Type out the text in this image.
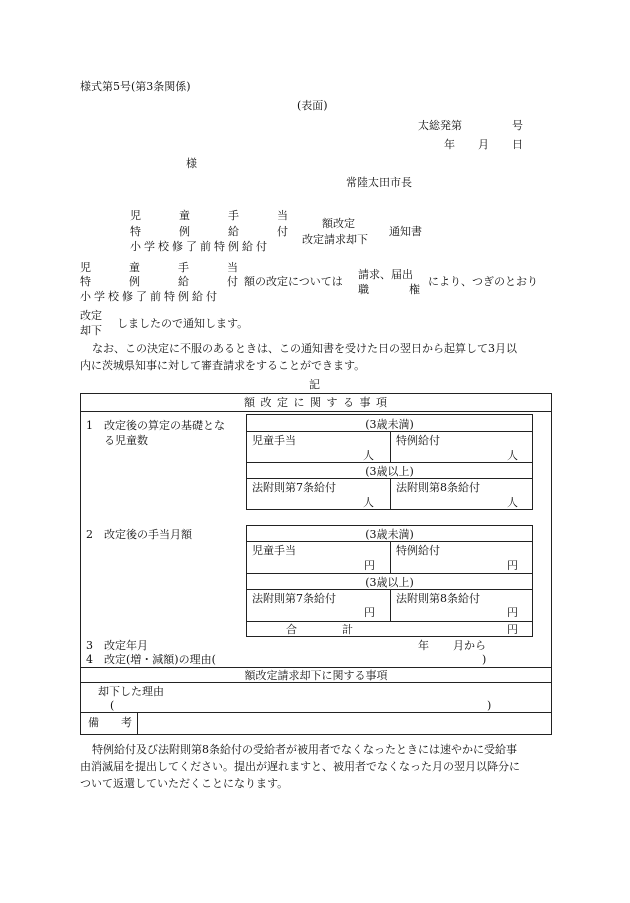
様式第5号(第3条関係)
(表面)
太総発第	号
年 月 日
様
常陸太田市長
児	童	手	当
特	例	給	付
小学校修了前特例給付
額改定
改定請求却下
通知書
児	童	手	当
特	例	給	付
小学校修了前特例給付
額の改定については
請求、届出
職	権
により、つぎのとおり
改定
却下
しましたので通知します。
なお、この決定に不服のあるときは、この通知書を受けた日の翌日から起算して3月以
内に茨城県知事に対して審査請求をすることができます。
記
額 改 定 に 関 す る 事 項
1　改定後の算定の基礎とな
る児童数
(3歳未満)
児童手当	特例給付
人	人
(3歳以上)
法附則第7条給付	法附則第8条給付
人	人
2　改定後の手当月額	(3歳未満)
児童手当	特例給付
円	円
(3歳以上)
法附則第7条給付	法附則第8条給付
円	円
合	計	円
3　改定年月	年 月から
4　改定(増・減額)の理由(	)
額改定請求却下に関する事項
却下した理由
(	)
備　　考
特例給付及び法附則第8条給付の受給者が被用者でなくなったときには速やかに受給事
由消滅届を提出してください。提出が遅れますと、被用者でなくなった月の翌月以降分に
ついて返還していただくことになります。
